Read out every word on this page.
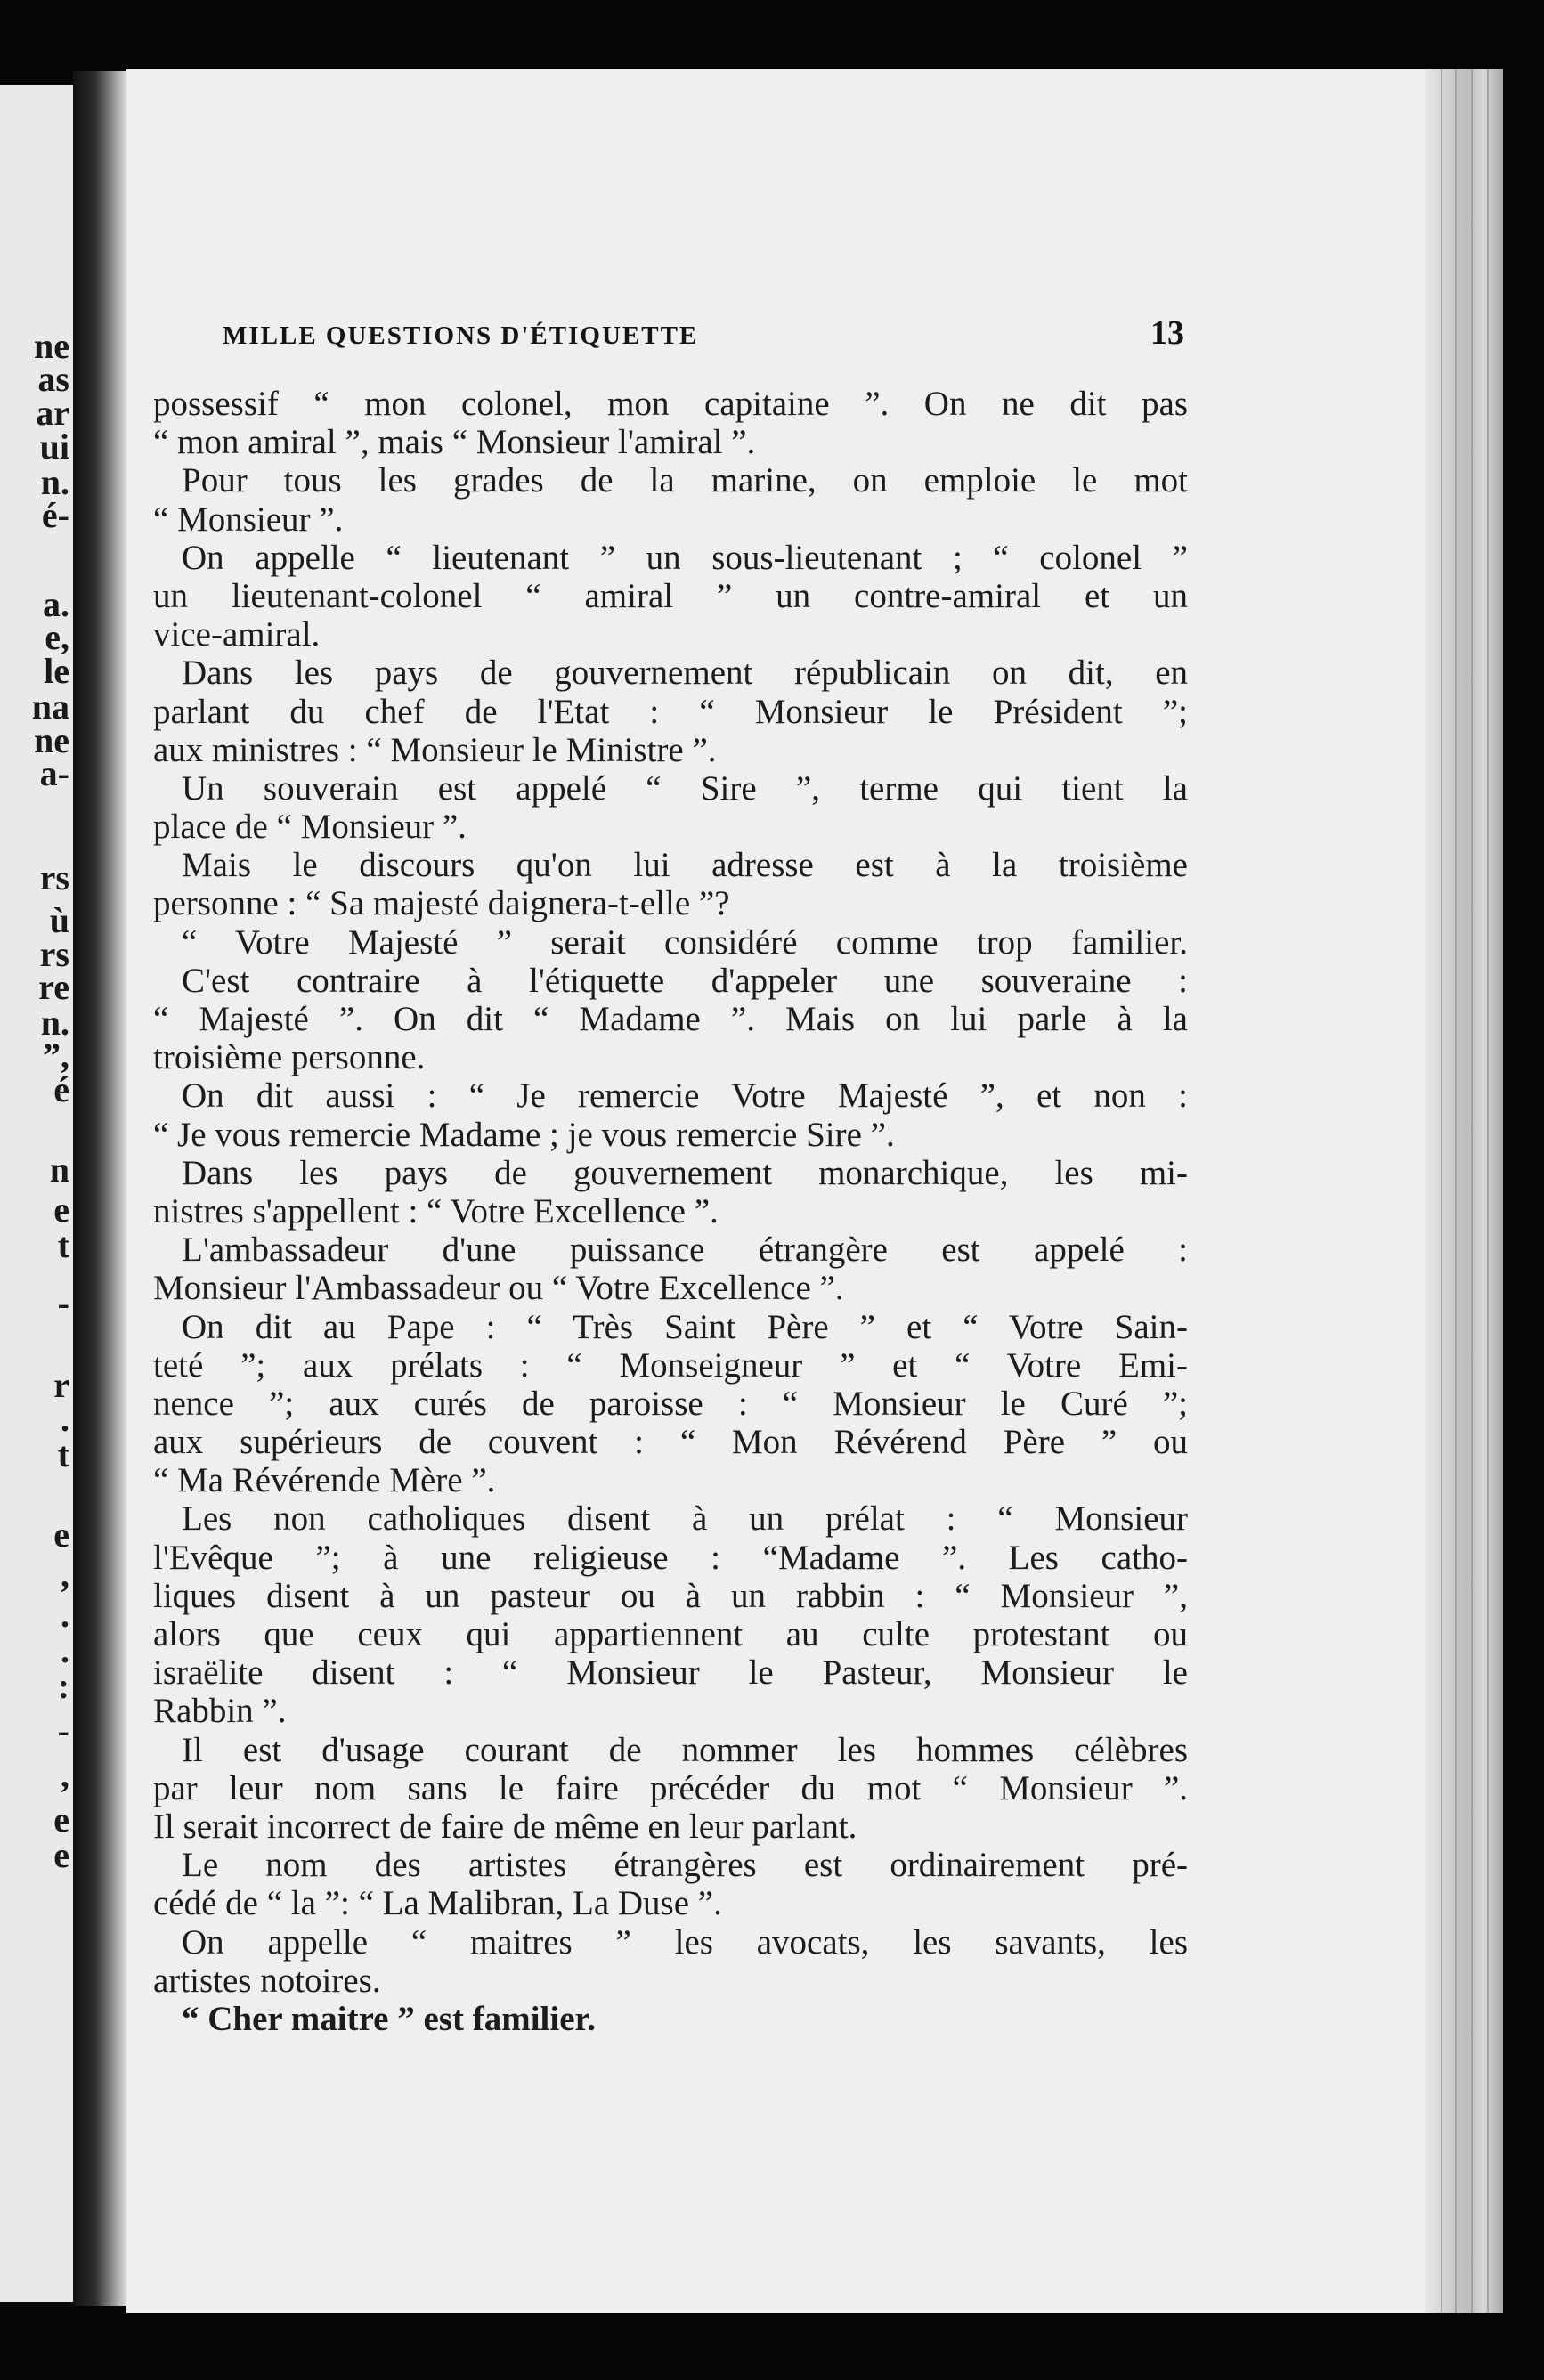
ne
as
ar
ui
n.
é-
a.
e,
le
na
ne
a-
rs
ù
rs
re
n.
”,
é
n
e
t
-
r
.
t
e
,
.
.
:
-
,
e
e
MILLE QUESTIONS D'ÉTIQUETTE	13
possessif “ mon colonel, mon capitaine ”. On ne dit pas
“ mon amiral ”, mais “ Monsieur l'amiral ”.
Pour tous les grades de la marine, on emploie le mot
“ Monsieur ”.
On appelle “ lieutenant ” un sous-lieutenant ; “ colonel ”
un lieutenant-colonel “ amiral ” un contre-amiral et un
vice-amiral.
Dans les pays de gouvernement républicain on dit, en
parlant du chef de l'Etat : “ Monsieur le Président ”;
aux ministres : “ Monsieur le Ministre ”.
Un souverain est appelé “ Sire ”, terme qui tient la
place de “ Monsieur ”.
Mais le discours qu'on lui adresse est à la troisième
personne : “ Sa majesté daignera-t-elle ”?
“ Votre Majesté ” serait considéré comme trop familier.
C'est contraire à l'étiquette d'appeler une souveraine :
“ Majesté ”. On dit “ Madame ”. Mais on lui parle à la
troisième personne.
On dit aussi : “ Je remercie Votre Majesté ”, et non :
“ Je vous remercie Madame ; je vous remercie Sire ”.
Dans les pays de gouvernement monarchique, les mi-
nistres s'appellent : “ Votre Excellence ”.
L'ambassadeur d'une puissance étrangère est appelé :
Monsieur l'Ambassadeur ou “ Votre Excellence ”.
On dit au Pape : “ Très Saint Père ” et “ Votre Sain-
teté ”; aux prélats : “ Monseigneur ” et “ Votre Emi-
nence ”; aux curés de paroisse : “ Monsieur le Curé ”;
aux supérieurs de couvent : “ Mon Révérend Père ” ou
“ Ma Révérende Mère ”.
Les non catholiques disent à un prélat : “ Monsieur
l'Evêque ”; à une religieuse : “Madame ”. Les catho-
liques disent à un pasteur ou à un rabbin : “ Monsieur ”,
alors que ceux qui appartiennent au culte protestant ou
israëlite disent : “ Monsieur le Pasteur, Monsieur le
Rabbin ”.
Il est d'usage courant de nommer les hommes célèbres
par leur nom sans le faire précéder du mot “ Monsieur ”.
Il serait incorrect de faire de même en leur parlant.
Le nom des artistes étrangères est ordinairement pré-
cédé de “ la ”: “ La Malibran, La Duse ”.
On appelle “ maitres ” les avocats, les savants, les
artistes notoires.
“ Cher maitre ” est familier.
